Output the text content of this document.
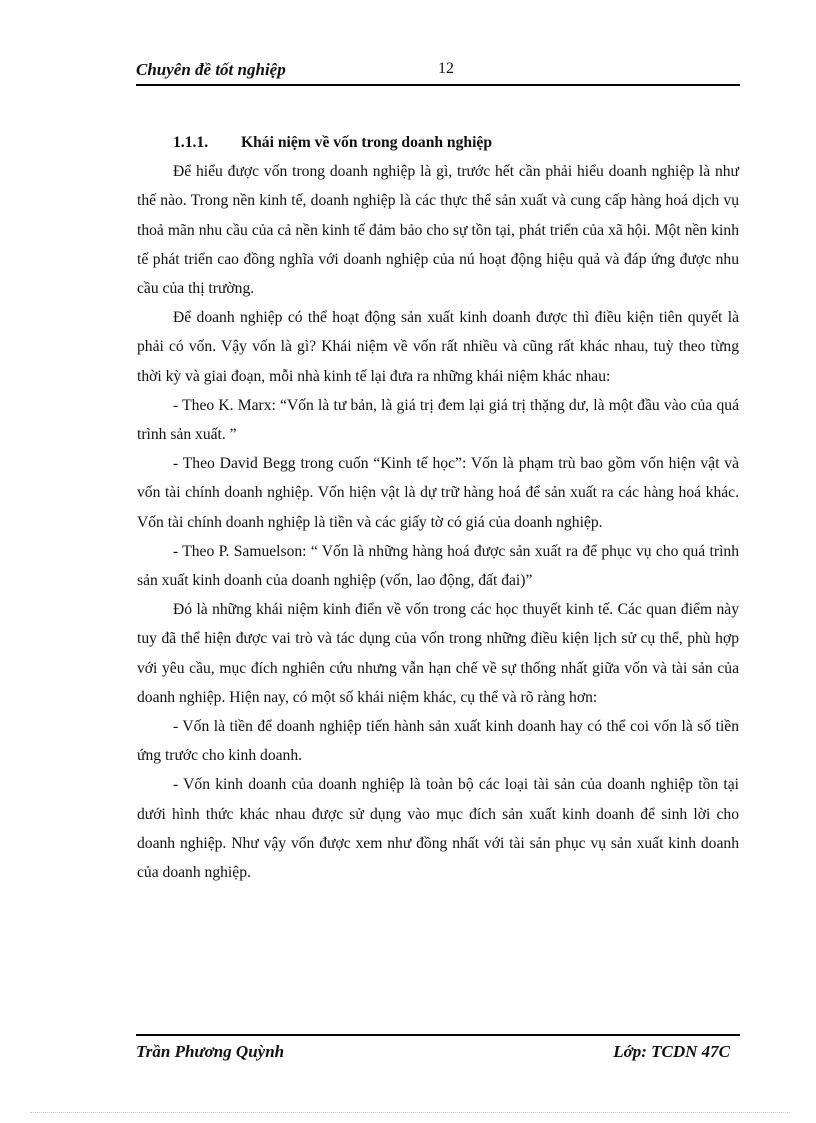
Chuyên đề tốt nghiệp	12

1.1.1. Khái niệm về vốn trong doanh nghiệp

Để hiểu được vốn trong doanh nghiệp là gì, trước hết cần phải hiểu doanh nghiệp là như thế nào. Trong nền kinh tế, doanh nghiệp là các thực thể sản xuất và cung cấp hàng hoá dịch vụ thoả mãn nhu cầu của cả nền kinh tế đảm bảo cho sự tồn tại, phát triển của xã hội. Một nền kinh tế phát triển cao đồng nghĩa với doanh nghiệp của nú hoạt động hiệu quả và đáp ứng được nhu cầu của thị trường.

Để doanh nghiệp có thể hoạt động sản xuất kinh doanh được thì điều kiện tiên quyết là phải có vốn. Vậy vốn là gì? Khái niệm về vốn rất nhiều và cũng rất khác nhau, tuỳ theo từng thời kỳ và giai đoạn, mỗi nhà kinh tế lại đưa ra những khái niệm khác nhau:

- Theo K. Marx: “Vốn là tư bản, là giá trị đem lại giá trị thặng dư, là một đầu vào của quá trình sản xuất. ”

- Theo David Begg trong cuốn “Kinh tế học”: Vốn là phạm trù bao gồm vốn hiện vật và vốn tài chính doanh nghiệp. Vốn hiện vật là dự trữ hàng hoá để sản xuất ra các hàng hoá khác. Vốn tài chính doanh nghiệp là tiền và các giấy tờ có giá của doanh nghiệp.

- Theo P. Samuelson: “ Vốn là những hàng hoá được sản xuất ra để phục vụ cho quá trình sản xuất kinh doanh của doanh nghiệp (vốn, lao động, đất đai)”

Đó là những khái niệm kinh điển về vốn trong các học thuyết kinh tế. Các quan điểm này tuy đã thể hiện được vai trò và tác dụng của vốn trong những điều kiện lịch sử cụ thể, phù hợp với yêu cầu, mục đích nghiên cứu nhưng vẫn hạn chế về sự thống nhất giữa vốn và tài sản của doanh nghiệp. Hiện nay, có một số khái niệm khác, cụ thể và rõ ràng hơn:

- Vốn là tiền để doanh nghiệp tiến hành sản xuất kinh doanh hay có thể coi vốn là số tiền ứng trước cho kinh doanh.

- Vốn kinh doanh của doanh nghiệp là toàn bộ các loại tài sản của doanh nghiệp tồn tại dưới hình thức khác nhau được sử dụng vào mục đích sản xuất kinh doanh để sinh lời cho doanh nghiệp. Như vậy vốn được xem như đồng nhất với tài sản phục vụ sản xuất kinh doanh của doanh nghiệp.

Trần Phương Quỳnh	Lớp: TCDN 47C
